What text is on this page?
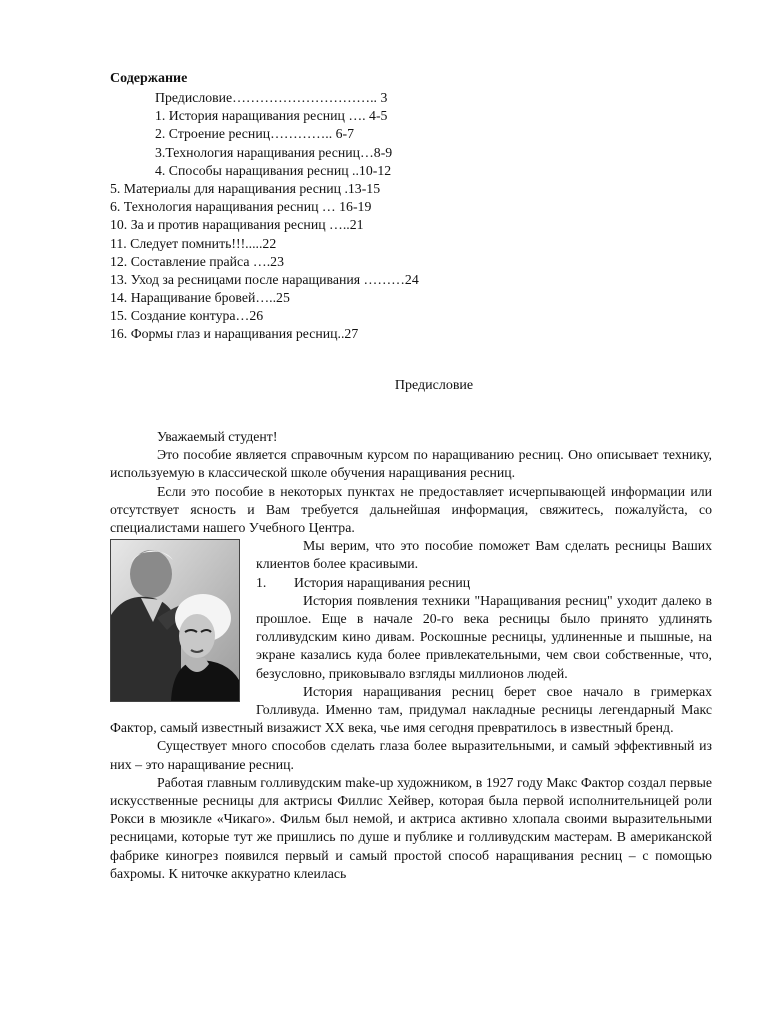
Содержание
Предисловие………………………….. 3
1. История наращивания ресниц …. 4-5
2. Строение ресниц………….. 6-7
3.Технология наращивания ресниц…8-9
4. Способы наращивания ресниц ..10-12
5. Материалы для наращивания ресниц .13-15
6. Технология наращивания ресниц … 16-19
10. За и против наращивания ресниц …..21
11. Следует помнить!!!.....22
12. Составление прайса ….23
13. Уход за ресницами после наращивания ………24
14. Наращивание бровей…..25
15. Создание контура…26
16. Формы глаз и наращивания ресниц..27
Предисловие

Уважаемый студент!

Это пособие является справочным курсом по наращиванию ресниц. Оно описывает технику, используемую в классической школе обучения наращивания ресниц.

Если это пособие в некоторых пунктах не предоставляет исчерпывающей информации или отсутствует ясность и Вам требуется дальнейшая информация, свяжитесь, пожалуйста, со специалистами нашего Учебного Центра.

Мы верим, что это пособие поможет Вам сделать ресницы Ваших клиентов более красивыми.

1. История наращивания ресниц

История появления техники "Наращивания ресниц" уходит далеко в прошлое. Еще в начале 20-го века ресницы было принято удлинять голливудским кино дивам. Роскошные ресницы, удлиненные и пышные, на экране казались куда более привлекательными, чем свои собственные, что, безусловно, приковывало взгляды миллионов людей.

История наращивания ресниц берет свое начало в гримерках Голливуда. Именно там, придумал накладные ресницы легендарный Макс Фактор, самый известный визажист XX века, чье имя сегодня превратилось в известный бренд.

Существует много способов сделать глаза более выразительными, и самый эффективный из них – это наращивание ресниц.

Работая главным голливудским make-up художником, в 1927 году Макс Фактор создал первые искусственные ресницы для актрисы Филлис Хейвер, которая была первой исполнительницей роли Рокси в мюзикле «Чикаго». Фильм был немой, и актриса активно хлопала своими выразительными ресницами, которые тут же пришлись по душе и публике и голливудским мастерам. В американской фабрике киногрез появился первый и самый простой способ наращивания ресниц – с помощью бахромы. К ниточке аккуратно клеилась
